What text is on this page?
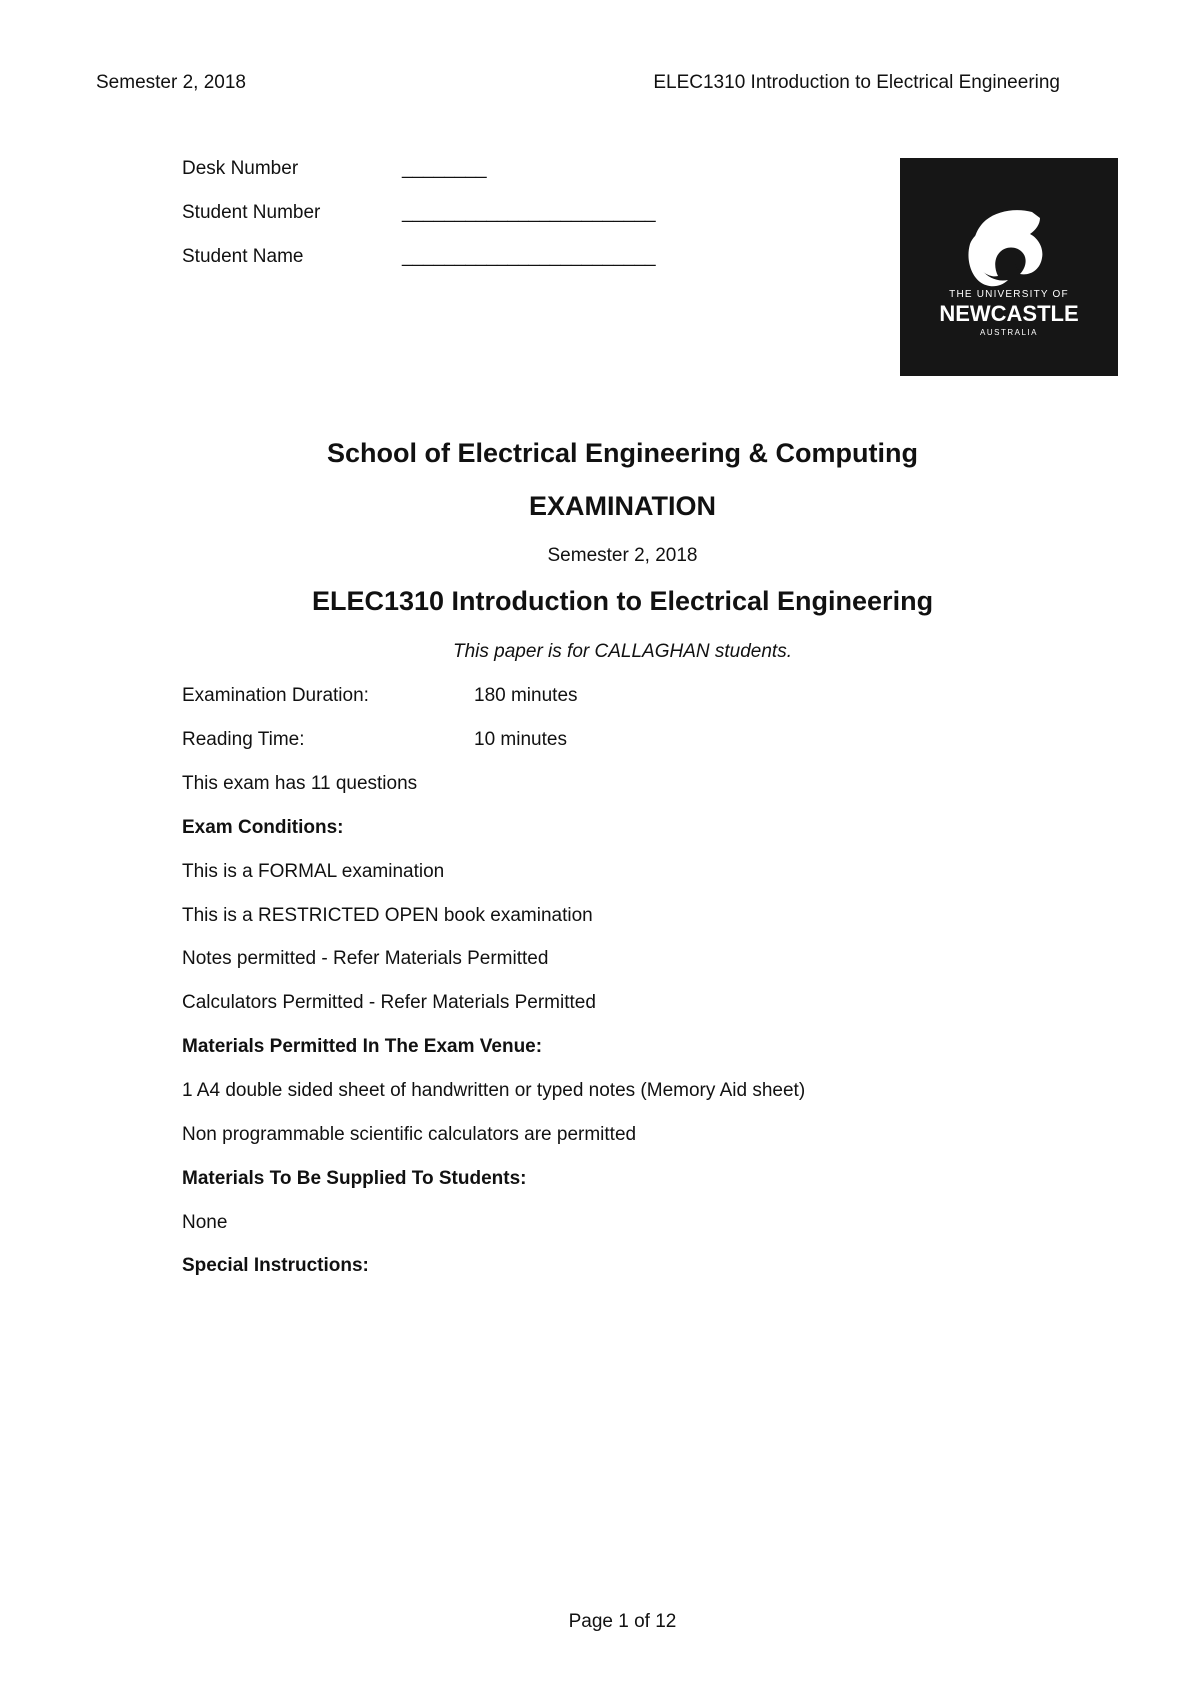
Semester 2, 2018	ELEC1310 Introduction to Electrical Engineering
Desk Number	________
Student Number	________________________
Student Name	________________________
THE UNIVERSITY OF
NEWCASTLE
AUSTRALIA
School of Electrical Engineering & Computing
EXAMINATION
Semester 2, 2018
ELEC1310 Introduction to Electrical Engineering
This paper is for CALLAGHAN students.
Examination Duration:	180 minutes
Reading Time:	10 minutes
This exam has 11 questions
Exam Conditions:
This is a FORMAL examination
This is a RESTRICTED OPEN book examination
Notes permitted - Refer Materials Permitted
Calculators Permitted - Refer Materials Permitted
Materials Permitted In The Exam Venue:
1 A4 double sided sheet of handwritten or typed notes (Memory Aid sheet)
Non programmable scientific calculators are permitted
Materials To Be Supplied To Students:
None
Special Instructions:
Page 1 of 12
